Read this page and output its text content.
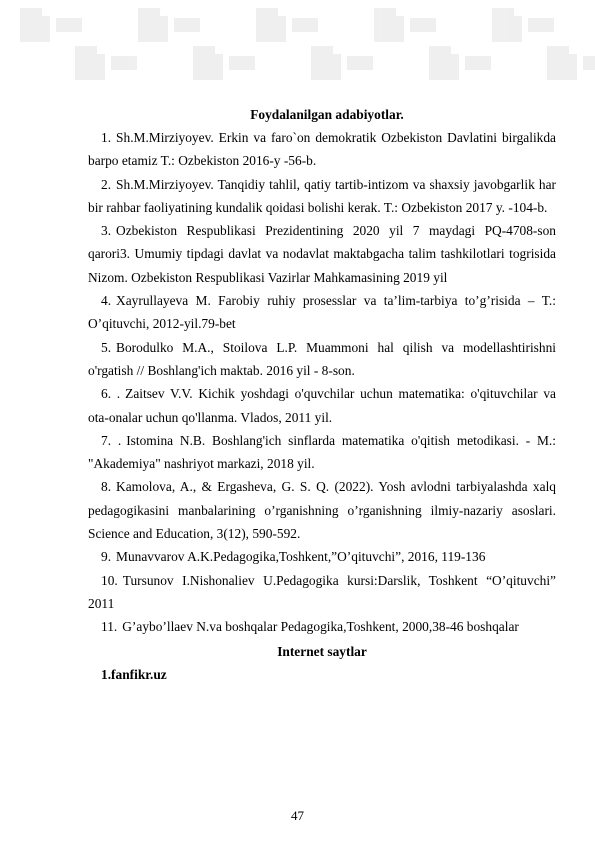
Foydalanilgan adabiyotlar.

1. Sh.M.Mirziyoyev. Erkin va faro`on demokratik Ozbekiston Davlatini birgalikda barpo etamiz T.: Ozbekiston 2016-y -56-b.

2. Sh.M.Mirziyoyev. Tanqidiy tahlil, qatiy tartib-intizom va shaxsiy javobgarlik har bir rahbar faoliyatining kundalik qoidasi bolishi kerak. T.: Ozbekiston 2017 y. -104-b.

3. Ozbekiston Respublikasi Prezidentining 2020 yil 7 maydagi PQ-4708-son qarori3. Umumiy tipdagi davlat va nodavlat maktabgacha talim tashkilotlari togrisida Nizom. Ozbekiston Respublikasi Vazirlar Mahkamasining 2019 yil

4. Xayrullayeva M. Farobiy ruhiy prosesslar va ta’lim-tarbiya to’g’risida – T.: O’qituvchi, 2012-yil.79-bet

5. Borodulko M.A., Stoilova L.P. Muammoni hal qilish va modellashtirishni o'rgatish // Boshlang'ich maktab. 2016 yil - 8-son.

6. . Zaitsev V.V. Kichik yoshdagi o'quvchilar uchun matematika: o'qituvchilar va ota-onalar uchun qo'llanma. Vlados, 2011 yil.

7. . Istomina N.B. Boshlang'ich sinflarda matematika o'qitish metodikasi. - M.: "Akademiya" nashriyot markazi, 2018 yil.

8. Kamolova, A., & Ergasheva, G. S. Q. (2022). Yosh avlodni tarbiyalashda xalq pedagogikasini manbalarining o’rganishning o’rganishning ilmiy-nazariy asoslari. Science and Education, 3(12), 590-592.

9. Munavvarov A.K.Pedagogika,Toshkent,”O’qituvchi”, 2016, 119-136

10. Tursunov I.Nishonaliev U.Pedagogika kursi:Darslik, Toshkent “O’qituvchi” 2011

11. G’aybo’llaev N.va boshqalar Pedagogika,Toshkent, 2000,38-46 boshqalar

Internet saytlar

1.fanfikr.uz

47
